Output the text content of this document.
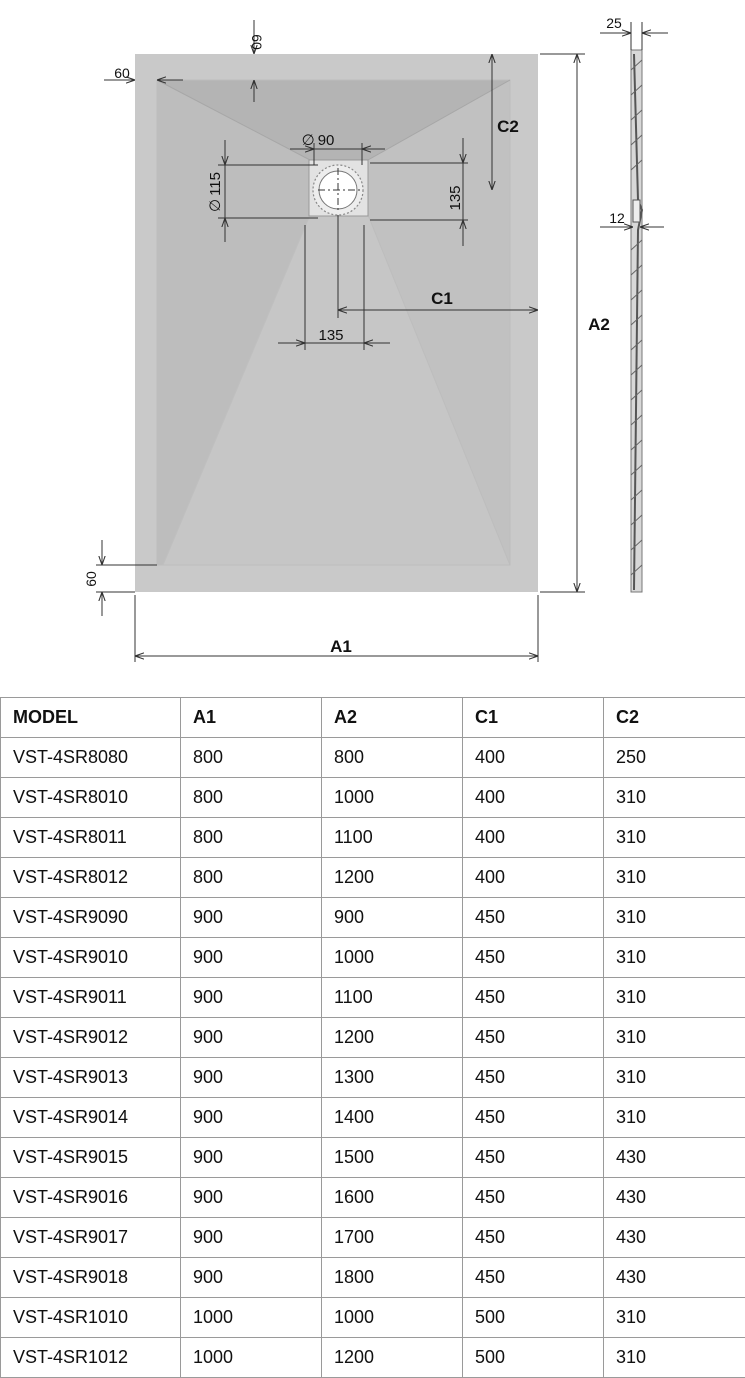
A1
A2
C1
C2
135
135
∅ 90
∅115
60
60
60
25
12
MODEL	A1	A2	C1	C2
VST-4SR8080	800	800	400	250
VST-4SR8010	800	1000	400	310
VST-4SR8011	800	1100	400	310
VST-4SR8012	800	1200	400	310
VST-4SR9090	900	900	450	310
VST-4SR9010	900	1000	450	310
VST-4SR9011	900	1100	450	310
VST-4SR9012	900	1200	450	310
VST-4SR9013	900	1300	450	310
VST-4SR9014	900	1400	450	310
VST-4SR9015	900	1500	450	430
VST-4SR9016	900	1600	450	430
VST-4SR9017	900	1700	450	430
VST-4SR9018	900	1800	450	430
VST-4SR1010	1000	1000	500	310
VST-4SR1012	1000	1200	500	310
